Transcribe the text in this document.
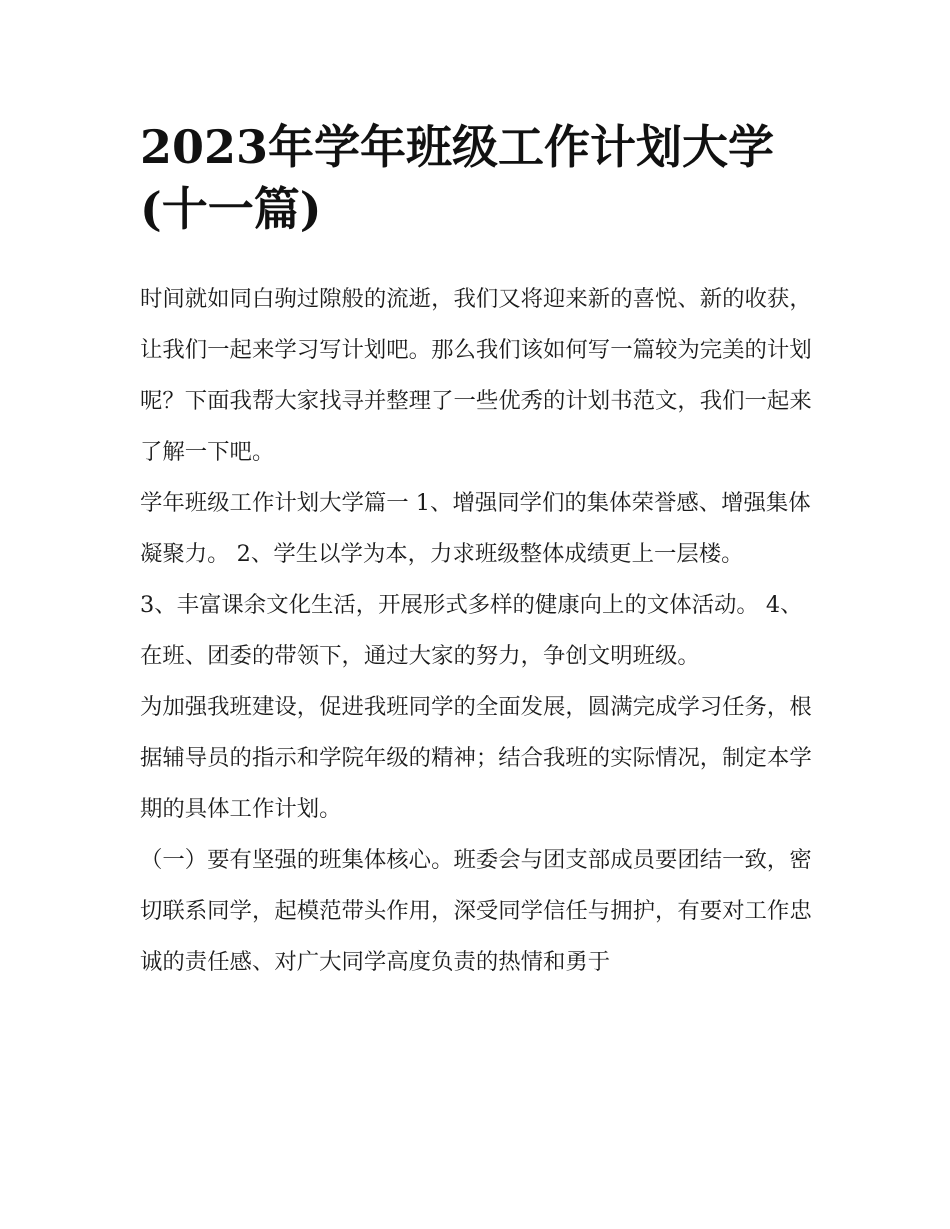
2023年学年班级工作计划大学(十一篇)

时间就如同白驹过隙般的流逝，我们又将迎来新的喜悦、新的收获，让我们一起来学习写计划吧。那么我们该如何写一篇较为完美的计划呢？下面我帮大家找寻并整理了一些优秀的计划书范文，我们一起来了解一下吧。

学年班级工作计划大学篇一 1、增强同学们的集体荣誉感、增强集体凝聚力。 2、学生以学为本，力求班级整体成绩更上一层楼。

3、丰富课余文化生活，开展形式多样的健康向上的文体活动。 4、在班、团委的带领下，通过大家的努力，争创文明班级。

为加强我班建设，促进我班同学的全面发展，圆满完成学习任务，根据辅导员的指示和学院年级的精神；结合我班的实际情况，制定本学期的具体工作计划。

（一）要有坚强的班集体核心。班委会与团支部成员要团结一致，密切联系同学，起模范带头作用，深受同学信任与拥护，有要对工作忠诚的责任感、对广大同学高度负责的热情和勇于
